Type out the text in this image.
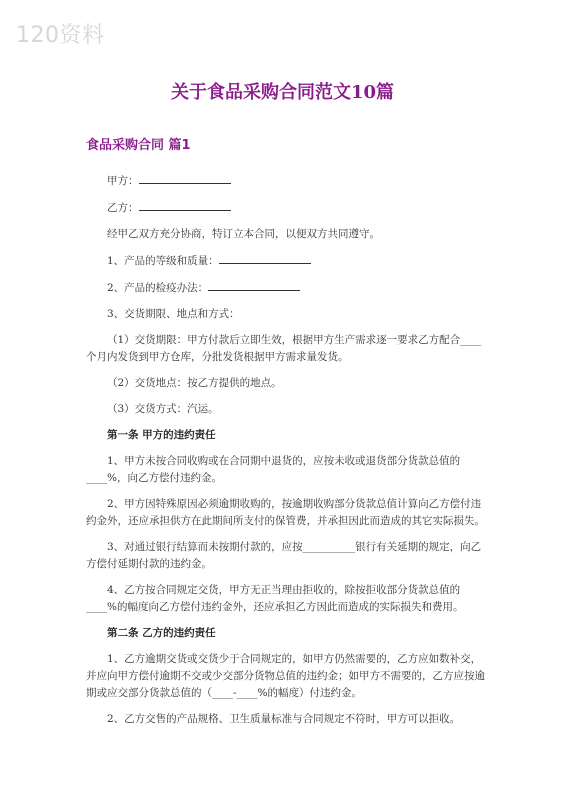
120资料
关于食品采购合同范文10篇
食品采购合同 篇1

甲方：

乙方：

经甲乙双方充分协商，特订立本合同，以便双方共同遵守。

1、产品的等级和质量：

2、产品的检疫办法：

3、交货期限、地点和方式：

（1）交货期限：甲方付款后立即生效，根据甲方生产需求逐一要求乙方配合____个月内发货到甲方仓库，分批发货根据甲方需求量发货。

（2）交货地点：按乙方提供的地点。

（3）交货方式：汽运。

第一条 甲方的违约责任

1、甲方未按合同收购或在合同期中退货的，应按未收或退货部分货款总值的____%，向乙方偿付违约金。

2、甲方因特殊原因必须逾期收购的，按逾期收购部分货款总值计算向乙方偿付违约金外，还应承担供方在此期间所支付的保管费，并承担因此而造成的其它实际损失。

3、对通过银行结算而未按期付款的，应按__________银行有关延期的规定，向乙方偿付延期付款的违约金。

4、乙方按合同规定交货，甲方无正当理由拒收的，除按拒收部分货款总值的____%的幅度向乙方偿付违约金外，还应承担乙方因此而造成的实际损失和费用。

第二条 乙方的违约责任

1、乙方逾期交货或交货少于合同规定的，如甲方仍然需要的，乙方应如数补交，并应向甲方偿付逾期不交或少交部分货物总值的违约金；如甲方不需要的，乙方应按逾期或应交部分货款总值的（____-____%的幅度）付违约金。

2、乙方交售的产品规格、卫生质量标准与合同规定不符时，甲方可以拒收。
